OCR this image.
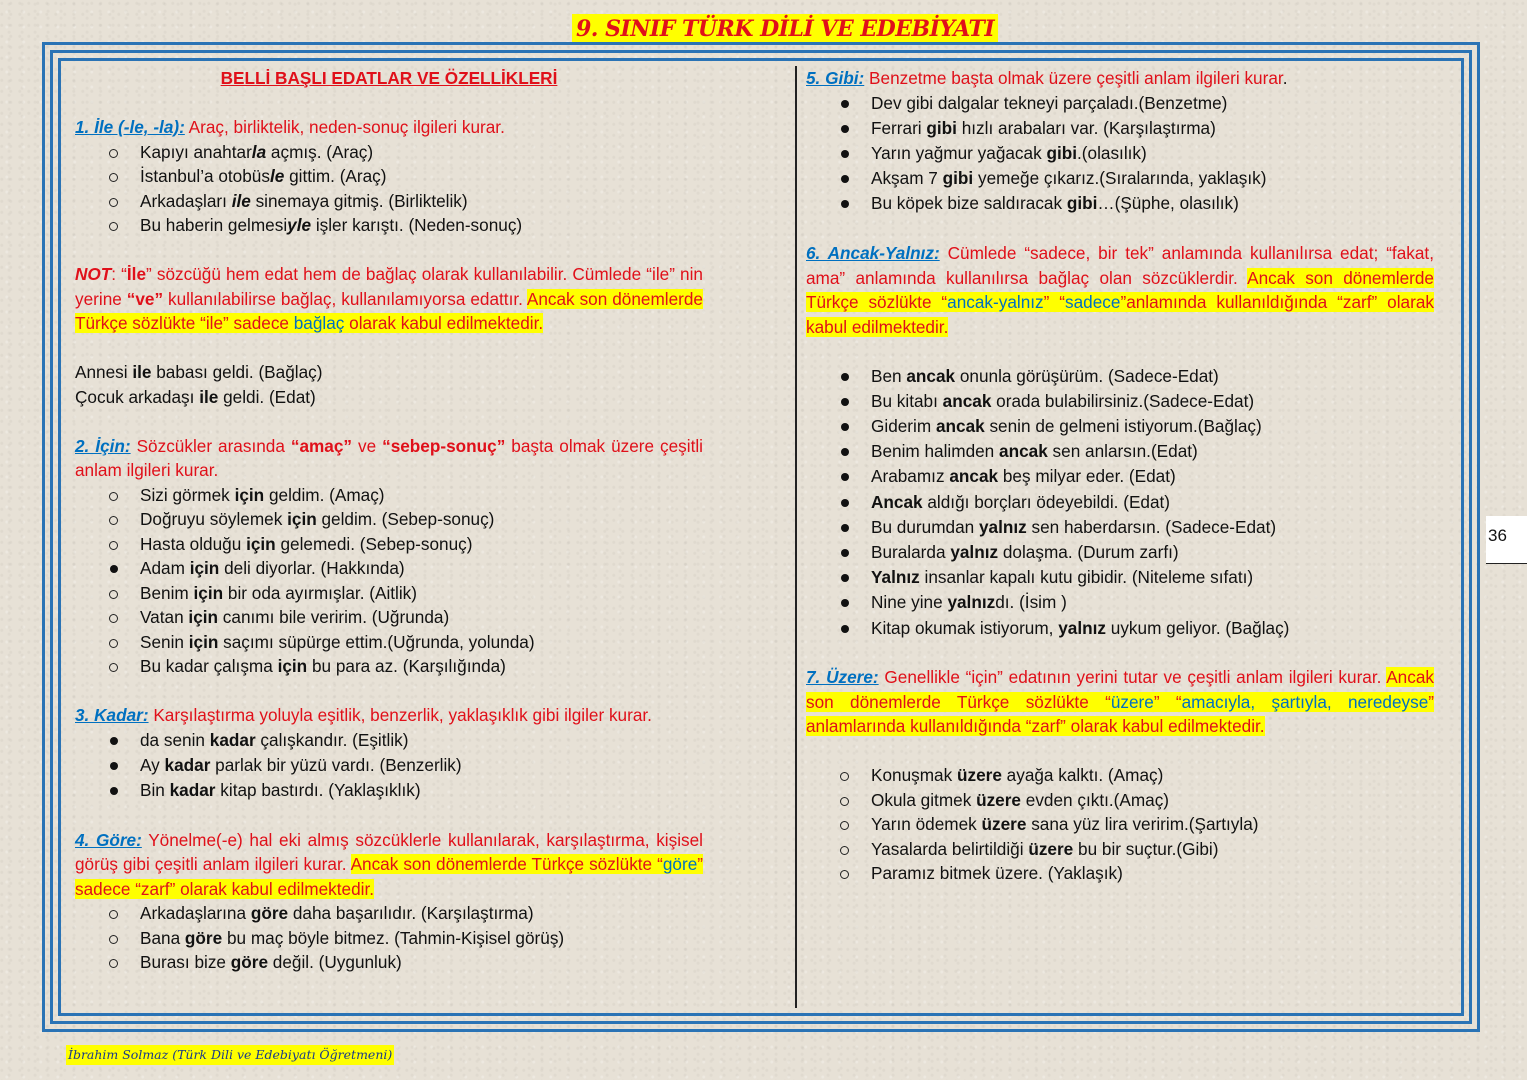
9. SINIF TÜRK DİLİ VE EDEBİYATI

BELLİ BAŞLI EDATLAR VE ÖZELLİKLERİ

1. İle (-le, -la): Araç, birliktelik, neden-sonuç ilgileri kurar.

Kapıyı anahtarla açmış. (Araç)
İstanbul’a otobüsle gittim. (Araç)
Arkadaşları ile sinemaya gitmiş. (Birliktelik)
Bu haberin gelmesiyle işler karıştı. (Neden-sonuç)

NOT: “İle” sözcüğü hem edat hem de bağlaç olarak kullanılabilir. Cümlede “ile” nin yerine “ve” kullanılabilirse bağlaç, kullanılamıyorsa edattır. Ancak son dönemlerde Türkçe sözlükte “ile” sadece bağlaç olarak kabul edilmektedir.

Annesi ile babası geldi. (Bağlaç)

Çocuk arkadaşı ile geldi. (Edat)

2. İçin: Sözcükler arasında “amaç” ve “sebep-sonuç” başta olmak üzere çeşitli anlam ilgileri kurar.

Sizi görmek için geldim. (Amaç)
Doğruyu söylemek için geldim. (Sebep-sonuç)
Hasta olduğu için gelemedi. (Sebep-sonuç)
Adam için deli diyorlar. (Hakkında)
Benim için bir oda ayırmışlar. (Aitlik)
Vatan için canımı bile veririm. (Uğrunda)
Senin için saçımı süpürge ettim.(Uğrunda, yolunda)
Bu kadar çalışma için bu para az. (Karşılığında)

3. Kadar: Karşılaştırma yoluyla eşitlik, benzerlik, yaklaşıklık gibi ilgiler kurar.

da senin kadar çalışkandır. (Eşitlik)
Ay kadar parlak bir yüzü vardı. (Benzerlik)
Bin kadar kitap bastırdı. (Yaklaşıklık)

4. Göre: Yönelme(-e) hal eki almış sözcüklerle kullanılarak, karşılaştırma, kişisel görüş gibi çeşitli anlam ilgileri kurar. Ancak son dönemlerde Türkçe sözlükte “göre” sadece “zarf” olarak kabul edilmektedir.

Arkadaşlarına göre daha başarılıdır. (Karşılaştırma)
Bana göre bu maç böyle bitmez. (Tahmin-Kişisel görüş)
Burası bize göre değil. (Uygunluk)

5. Gibi: Benzetme başta olmak üzere çeşitli anlam ilgileri kurar.

Dev gibi dalgalar tekneyi parçaladı.(Benzetme)
Ferrari gibi hızlı arabaları var. (Karşılaştırma)
Yarın yağmur yağacak gibi.(olasılık)
Akşam 7 gibi yemeğe çıkarız.(Sıralarında, yaklaşık)
Bu köpek bize saldıracak gibi…(Şüphe, olasılık)

6. Ancak-Yalnız: Cümlede “sadece, bir tek” anlamında kullanılırsa edat; “fakat, ama” anlamında kullanılırsa bağlaç olan sözcüklerdir. Ancak son dönemlerde Türkçe sözlükte “ancak-yalnız” “sadece”anlamında kullanıldığında “zarf” olarak kabul edilmektedir.

Ben ancak onunla görüşürüm. (Sadece-Edat)
Bu kitabı ancak orada bulabilirsiniz.(Sadece-Edat)
Giderim ancak senin de gelmeni istiyorum.(Bağlaç)
Benim halimden ancak sen anlarsın.(Edat)
Arabamız ancak beş milyar eder. (Edat)
Ancak aldığı borçları ödeyebildi. (Edat)
Bu durumdan yalnız sen haberdarsın. (Sadece-Edat)
Buralarda yalnız dolaşma. (Durum zarfı)
Yalnız insanlar kapalı kutu gibidir. (Niteleme sıfatı)
Nine yine yalnızdı. (İsim )
Kitap okumak istiyorum, yalnız uykum geliyor. (Bağlaç)

7. Üzere: Genellikle “için” edatının yerini tutar ve çeşitli anlam ilgileri kurar. Ancak son dönemlerde Türkçe sözlükte “üzere” “amacıyla, şartıyla, neredeyse” anlamlarında kullanıldığında “zarf” olarak kabul edilmektedir.

Konuşmak üzere ayağa kalktı. (Amaç)
Okula gitmek üzere evden çıktı.(Amaç)
Yarın ödemek üzere sana yüz lira veririm.(Şartıyla)
Yasalarda belirtildiği üzere bu bir suçtur.(Gibi)
Paramız bitmek üzere. (Yaklaşık)
36
İbrahim Solmaz (Türk Dili ve Edebiyatı Öğretmeni)
